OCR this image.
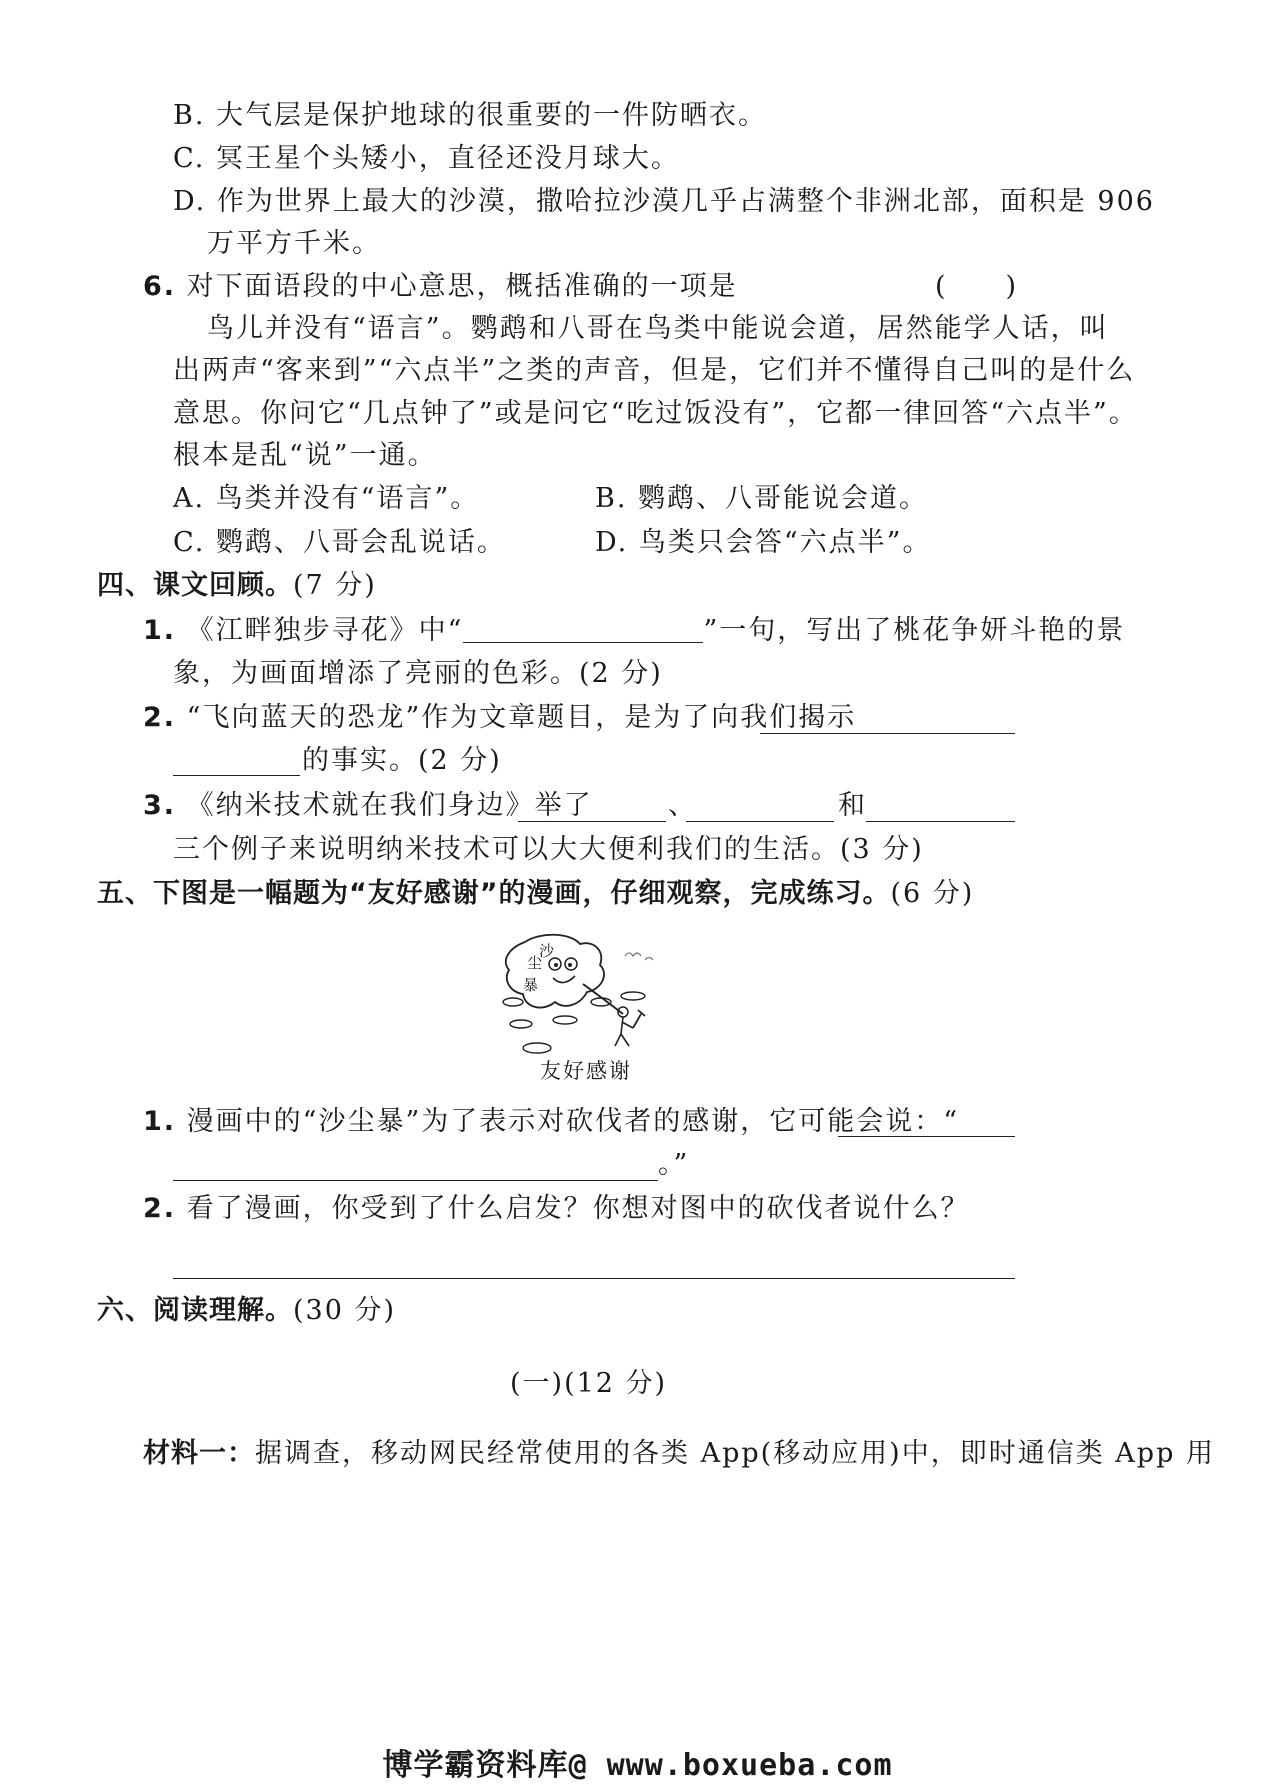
B. 大气层是保护地球的很重要的一件防晒衣。
C. 冥王星个头矮小，直径还没月球大。
D. 作为世界上最大的沙漠，撒哈拉沙漠几乎占满整个非洲北部，面积是 906
万平方千米。
6. 对下面语段的中心意思，概括准确的一项是	(　　)
鸟儿并没有“语言”。鹦鹉和八哥在鸟类中能说会道，居然能学人话，叫
出两声“客来到”“六点半”之类的声音，但是，它们并不懂得自己叫的是什么
意思。你问它“几点钟了”或是问它“吃过饭没有”，它都一律回答“六点半”。
根本是乱“说”一通。
A. 鸟类并没有“语言”。	B. 鹦鹉、八哥能说会道。
C. 鹦鹉、八哥会乱说话。	D. 鸟类只会答“六点半”。
四、课文回顾。(7 分)
1. 《江畔独步寻花》中“	”一句，写出了桃花争妍斗艳的景
象，为画面增添了亮丽的色彩。(2 分)
2. “飞向蓝天的恐龙”作为文章题目，是为了向我们揭示
的事实。(2 分)
3. 《纳米技术就在我们身边》举了	、	和
三个例子来说明纳米技术可以大大便利我们的生活。(3 分)
五、下图是一幅题为“友好感谢”的漫画，仔细观察，完成练习。(6 分)
沙
尘
暴
友好感谢
1. 漫画中的“沙尘暴”为了表示对砍伐者的感谢，它可能会说：“
。”
2. 看了漫画，你受到了什么启发？你想对图中的砍伐者说什么？
六、阅读理解。(30 分)
(一)(12 分)
材料一：据调查，移动网民经常使用的各类 App(移动应用)中，即时通信类 App 用
博学霸资料库@ www.boxueba.com
